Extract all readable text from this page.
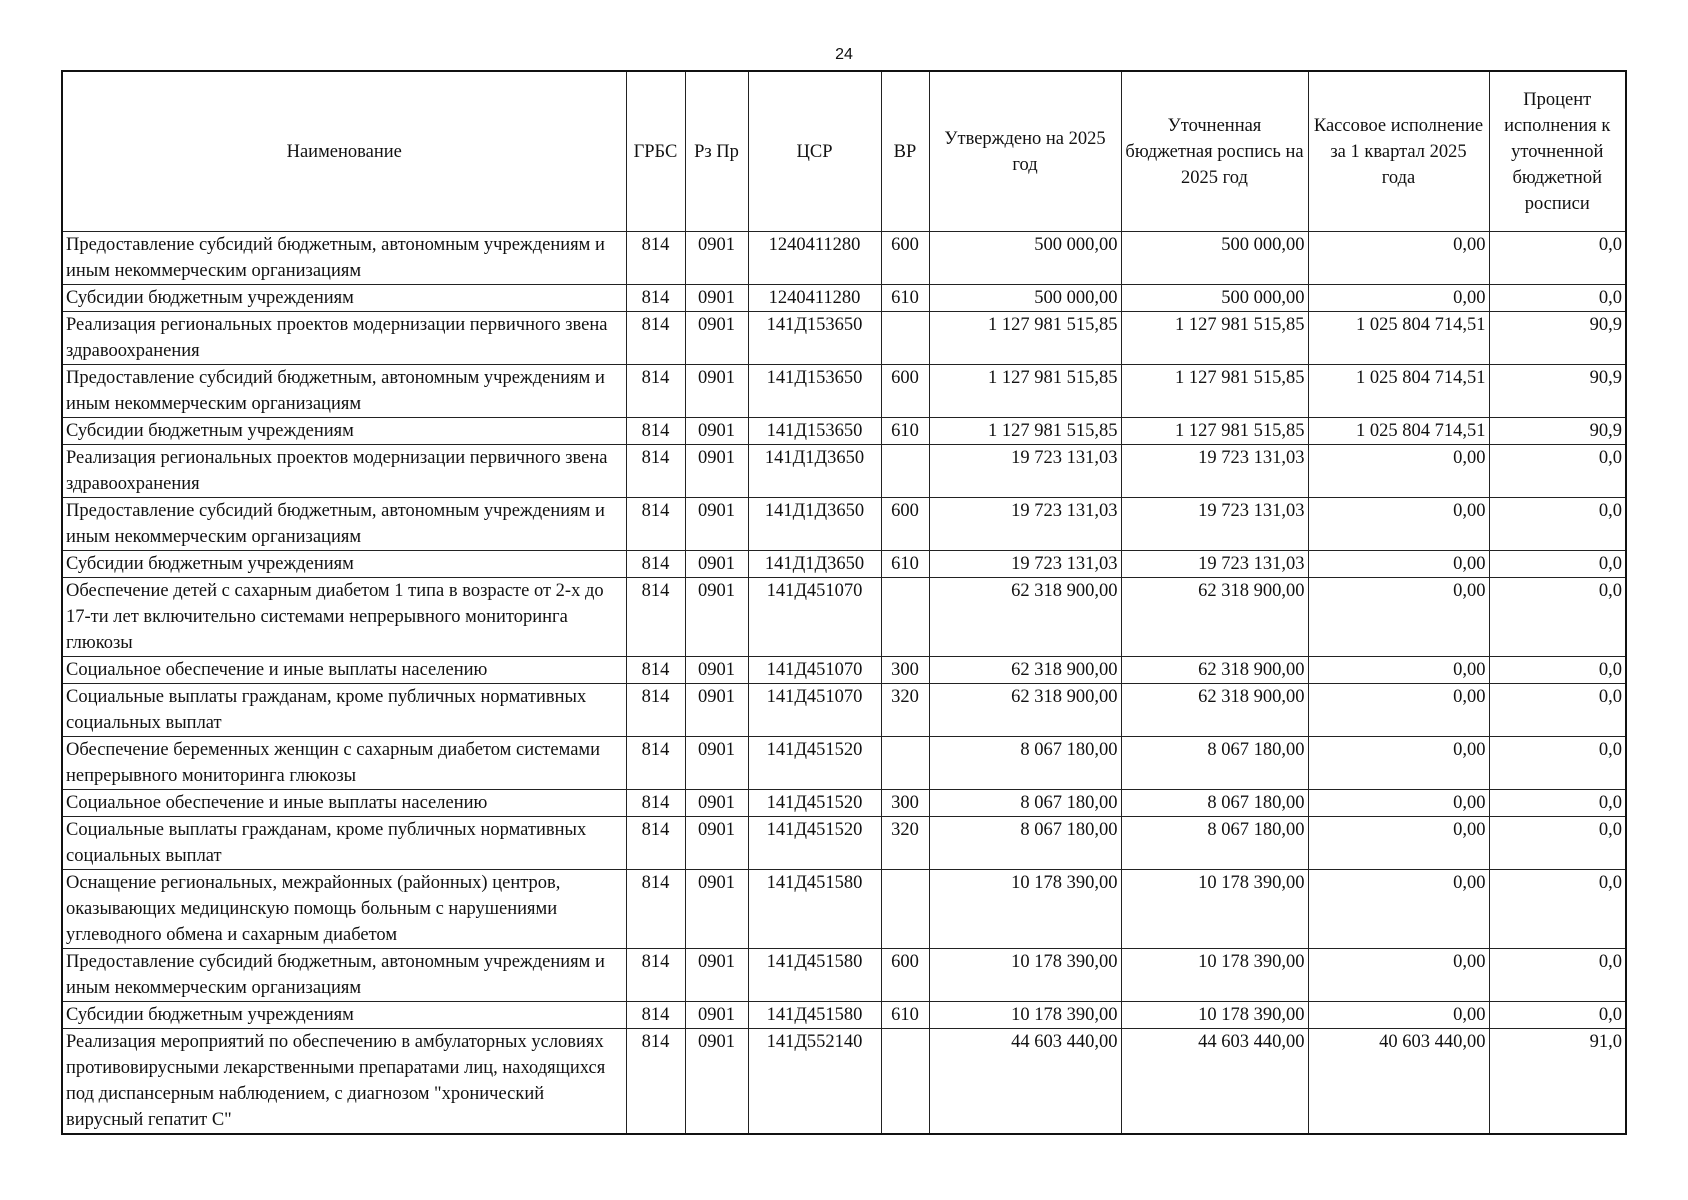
24
Наименование	ГРБС	Рз Пр	ЦСР	ВР	Утверждено на 2025 год	Уточненная бюджетная роспись на 2025 год	Кассовое исполнение за 1 квартал 2025 года	Процент исполнения к уточненной бюджетной росписи
Предоставление субсидий бюджетным, автономным учреждениям и иным некоммерческим организациям	814	0901	1240411280	600	500 000,00	500 000,00	0,00	0,0
Субсидии бюджетным учреждениям	814	0901	1240411280	610	500 000,00	500 000,00	0,00	0,0
Реализация региональных проектов модернизации первичного звена здравоохранения	814	0901	141Д153650		1 127 981 515,85	1 127 981 515,85	1 025 804 714,51	90,9
Предоставление субсидий бюджетным, автономным учреждениям и иным некоммерческим организациям	814	0901	141Д153650	600	1 127 981 515,85	1 127 981 515,85	1 025 804 714,51	90,9
Субсидии бюджетным учреждениям	814	0901	141Д153650	610	1 127 981 515,85	1 127 981 515,85	1 025 804 714,51	90,9
Реализация региональных проектов модернизации первичного звена здравоохранения	814	0901	141Д1Д3650		19 723 131,03	19 723 131,03	0,00	0,0
Предоставление субсидий бюджетным, автономным учреждениям и иным некоммерческим организациям	814	0901	141Д1Д3650	600	19 723 131,03	19 723 131,03	0,00	0,0
Субсидии бюджетным учреждениям	814	0901	141Д1Д3650	610	19 723 131,03	19 723 131,03	0,00	0,0
Обеспечение детей с сахарным диабетом 1 типа в возрасте от 2-х до 17-ти лет включительно системами непрерывного мониторинга глюкозы	814	0901	141Д451070		62 318 900,00	62 318 900,00	0,00	0,0
Социальное обеспечение и иные выплаты населению	814	0901	141Д451070	300	62 318 900,00	62 318 900,00	0,00	0,0
Социальные выплаты гражданам, кроме публичных нормативных социальных выплат	814	0901	141Д451070	320	62 318 900,00	62 318 900,00	0,00	0,0
Обеспечение беременных женщин с сахарным диабетом системами непрерывного мониторинга глюкозы	814	0901	141Д451520		8 067 180,00	8 067 180,00	0,00	0,0
Социальное обеспечение и иные выплаты населению	814	0901	141Д451520	300	8 067 180,00	8 067 180,00	0,00	0,0
Социальные выплаты гражданам, кроме публичных нормативных социальных выплат	814	0901	141Д451520	320	8 067 180,00	8 067 180,00	0,00	0,0
Оснащение региональных, межрайонных (районных) центров, оказывающих медицинскую помощь больным с нарушениями углеводного обмена и сахарным диабетом	814	0901	141Д451580		10 178 390,00	10 178 390,00	0,00	0,0
Предоставление субсидий бюджетным, автономным учреждениям и иным некоммерческим организациям	814	0901	141Д451580	600	10 178 390,00	10 178 390,00	0,00	0,0
Субсидии бюджетным учреждениям	814	0901	141Д451580	610	10 178 390,00	10 178 390,00	0,00	0,0
Реализация мероприятий по обеспечению в амбулаторных условиях противовирусными лекарственными препаратами лиц, находящихся под диспансерным наблюдением, с диагнозом "хронический вирусный гепатит С"	814	0901	141Д552140		44 603 440,00	44 603 440,00	40 603 440,00	91,0
